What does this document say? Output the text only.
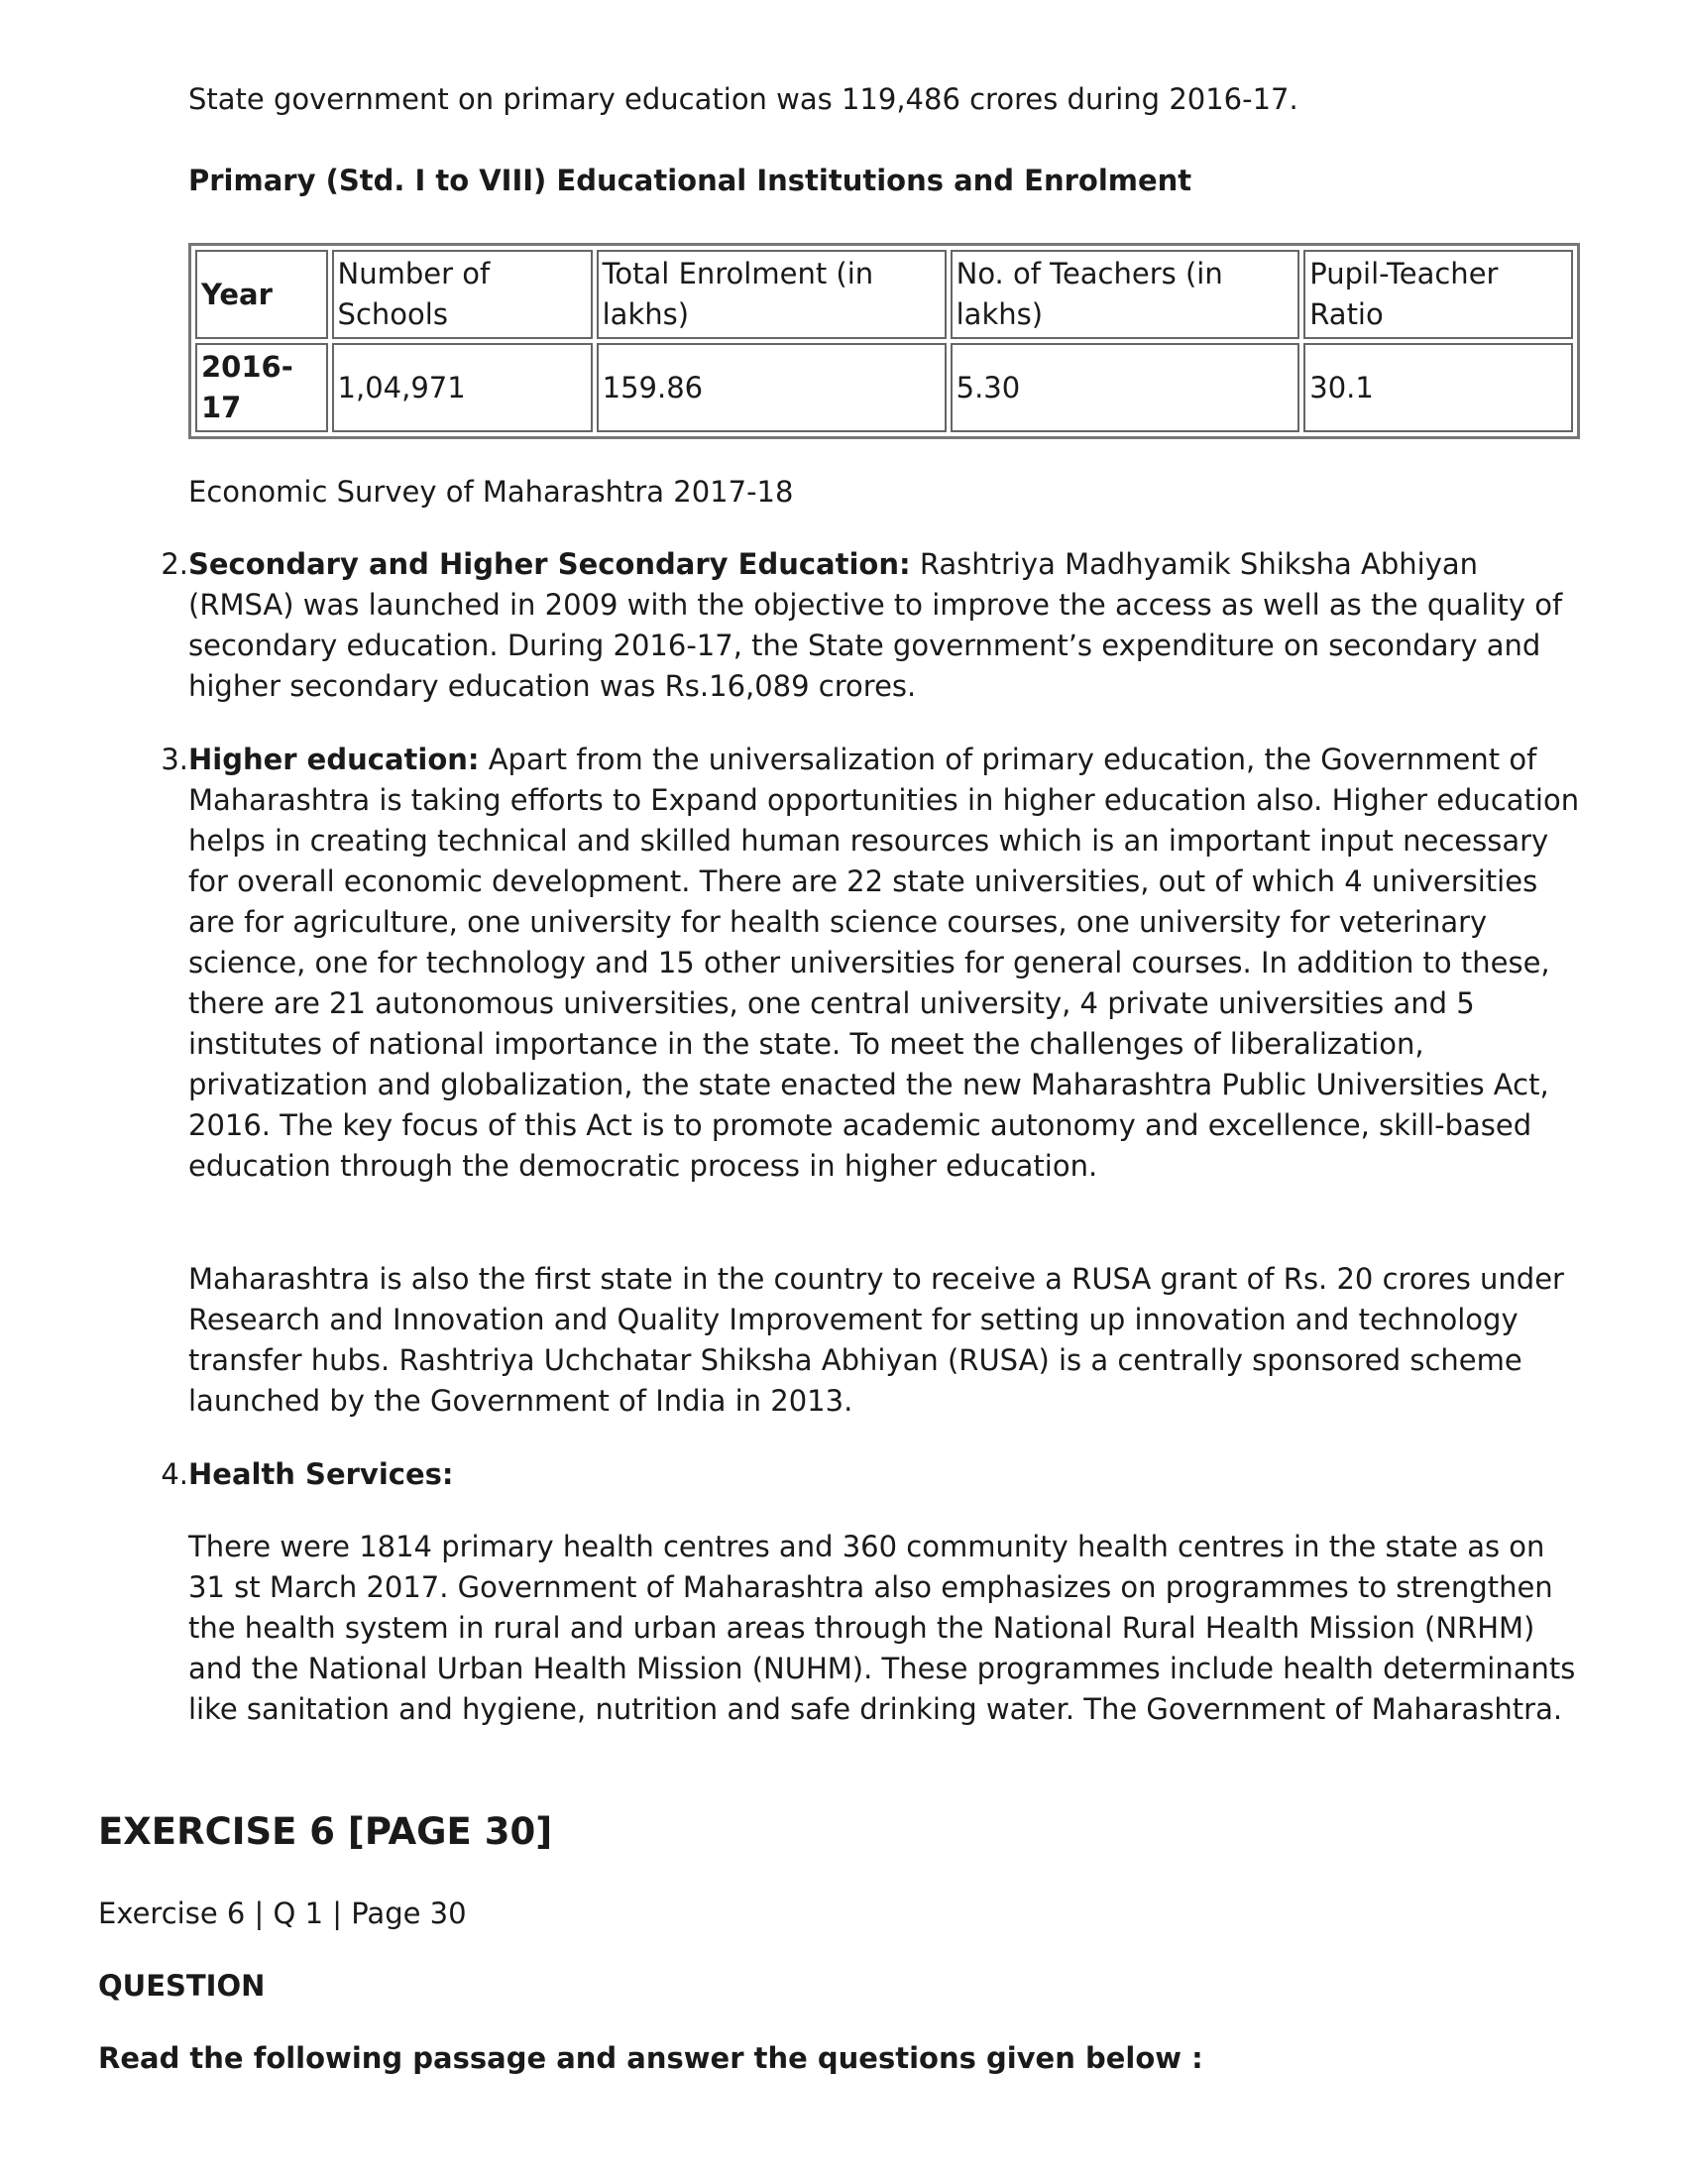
State government on primary education was 119,486 crores during 2016-17.

Primary (Std. I to VIII) Educational Institutions and Enrolment

Year	Number of Schools	Total Enrolment (in lakhs)	No. of Teachers (in lakhs)	Pupil-Teacher Ratio
2016-17	1,04,971	159.86	5.30	30.1

Economic Survey of Maharashtra 2017-18

2. Secondary and Higher Secondary Education: Rashtriya Madhyamik Shiksha Abhiyan (RMSA) was launched in 2009 with the objective to improve the access as well as the quality of secondary education. During 2016-17, the State government’s expenditure on secondary and higher secondary education was Rs.16,089 crores.

3. Higher education: Apart from the universalization of primary education, the Government of Maharashtra is taking efforts to Expand opportunities in higher education also. Higher education helps in creating technical and skilled human resources which is an important input necessary for overall economic development. There are 22 state universities, out of which 4 universities are for agriculture, one university for health science courses, one university for veterinary science, one for technology and 15 other universities for general courses. In addition to these, there are 21 autonomous universities, one central university, 4 private universities and 5 institutes of national importance in the state. To meet the challenges of liberalization, privatization and globalization, the state enacted the new Maharashtra Public Universities Act, 2016. The key focus of this Act is to promote academic autonomy and excellence, skill-based education through the democratic process in higher education.

Maharashtra is also the first state in the country to receive a RUSA grant of Rs. 20 crores under Research and Innovation and Quality Improvement for setting up innovation and technology transfer hubs. Rashtriya Uchchatar Shiksha Abhiyan (RUSA) is a centrally sponsored scheme launched by the Government of India in 2013.

4. Health Services:

There were 1814 primary health centres and 360 community health centres in the state as on 31 st March 2017. Government of Maharashtra also emphasizes on programmes to strengthen the health system in rural and urban areas through the National Rural Health Mission (NRHM) and the National Urban Health Mission (NUHM). These programmes include health determinants like sanitation and hygiene, nutrition and safe drinking water. The Government of Maharashtra.

EXERCISE 6 [PAGE 30]

Exercise 6 | Q 1 | Page 30

QUESTION

Read the following passage and answer the questions given below :
